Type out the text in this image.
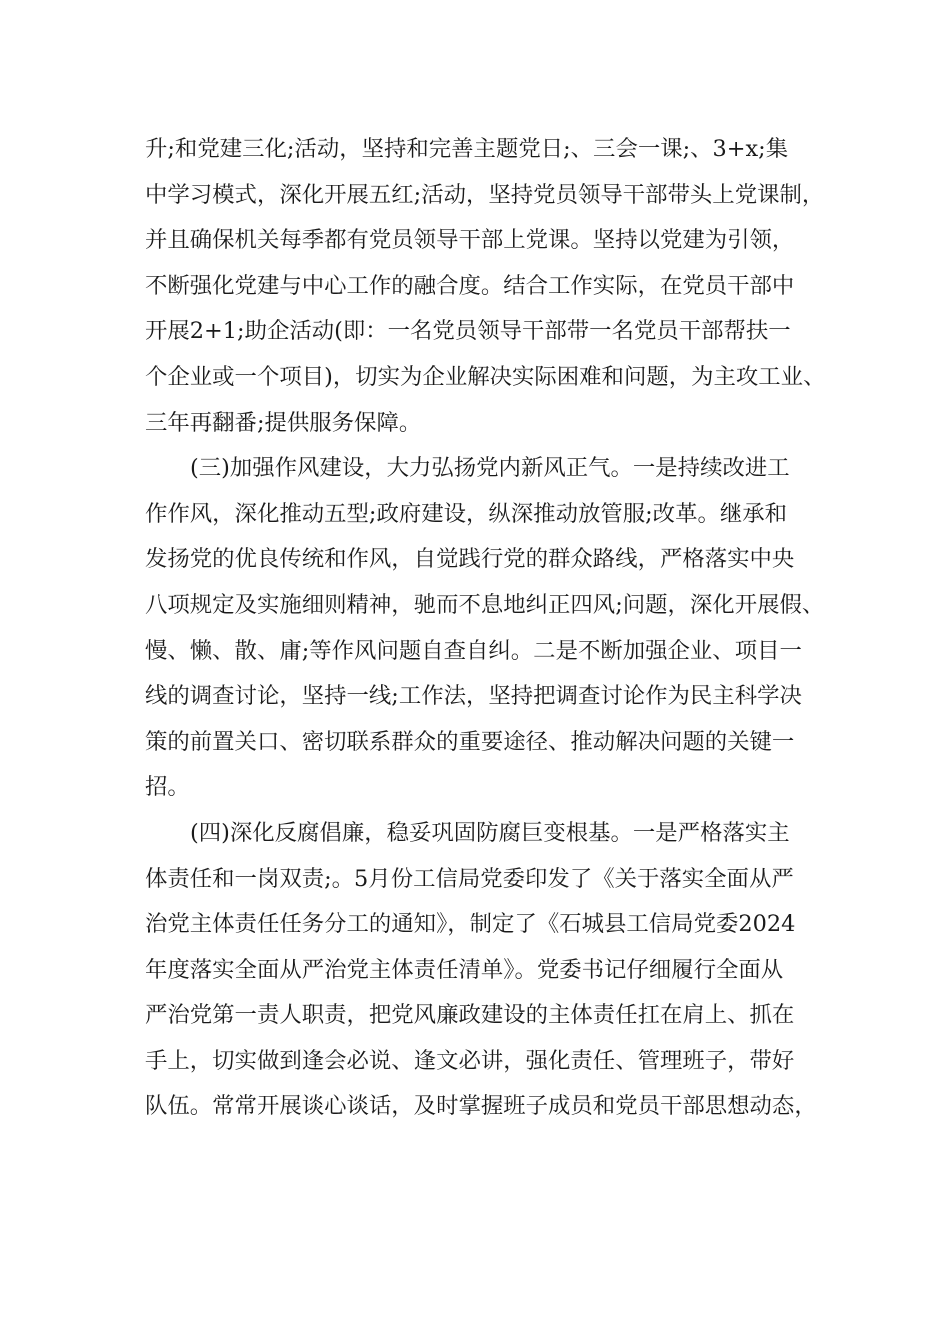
升;和党建三化;活动，坚持和完善主题党日;、三会一课;、3+x;集
中学习模式，深化开展五红;活动，坚持党员领导干部带头上党课制，
并且确保机关每季都有党员领导干部上党课。坚持以党建为引领，
不断强化党建与中心工作的融合度。结合工作实际，在党员干部中
开展2+1;助企活动(即：一名党员领导干部带一名党员干部帮扶一
个企业或一个项目)，切实为企业解决实际困难和问题，为主攻工业、
三年再翻番;提供服务保障。
(三)加强作风建设，大力弘扬党内新风正气。一是持续改进工
作作风，深化推动五型;政府建设，纵深推动放管服;改革。继承和
发扬党的优良传统和作风，自觉践行党的群众路线，严格落实中央
八项规定及实施细则精神，驰而不息地纠正四风;问题，深化开展假、
慢、懒、散、庸;等作风问题自查自纠。二是不断加强企业、项目一
线的调查讨论，坚持一线;工作法，坚持把调查讨论作为民主科学决
策的前置关口、密切联系群众的重要途径、推动解决问题的关键一
招。
(四)深化反腐倡廉，稳妥巩固防腐巨变根基。一是严格落实主
体责任和一岗双责;。5月份工信局党委印发了《关于落实全面从严
治党主体责任任务分工的通知》，制定了《石城县工信局党委2024
年度落实全面从严治党主体责任清单》。党委书记仔细履行全面从
严治党第一责人职责，把党风廉政建设的主体责任扛在肩上、抓在
手上，切实做到逢会必说、逢文必讲，强化责任、管理班子，带好
队伍。常常开展谈心谈话，及时掌握班子成员和党员干部思想动态，
